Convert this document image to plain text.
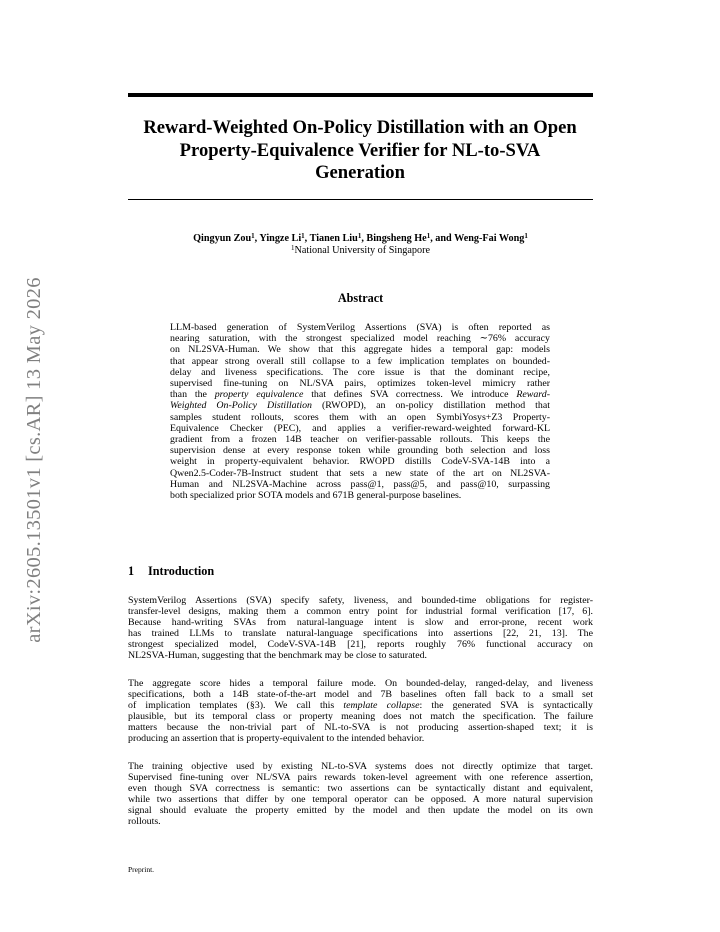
Reward-Weighted On-Policy Distillation with an Open
Property-Equivalence Verifier for NL-to-SVA
Generation
Qingyun Zou$^1$, Yingze Li$^1$, Tianen Liu$^1$, Bingsheng He$^1$, and Weng-Fai Wong$^1$
$^1$National University of Singapore
Abstract
LLM-based generation of SystemVerilog Assertions (SVA) is often reported as
nearing saturation, with the strongest specialized model reaching ∼76% accuracy
on NL2SVA-Human. We show that this aggregate hides a temporal gap: models
that appear strong overall still collapse to a few implication templates on bounded-
delay and liveness specifications. The core issue is that the dominant recipe,
supervised fine-tuning on NL/SVA pairs, optimizes token-level mimicry rather
than the property equivalence that defines SVA correctness. We introduce Reward-
Weighted On-Policy Distillation (RWOPD), an on-policy distillation method that
samples student rollouts, scores them with an open SymbiYosys+Z3 Property-
Equivalence Checker (PEC), and applies a verifier-reward-weighted forward-KL
gradient from a frozen 14B teacher on verifier-passable rollouts. This keeps the
supervision dense at every response token while grounding both selection and loss
weight in property-equivalent behavior. RWOPD distills CodeV-SVA-14B into a
Qwen2.5-Coder-7B-Instruct student that sets a new state of the art on NL2SVA-
Human and NL2SVA-Machine across pass@1, pass@5, and pass@10, surpassing
both specialized prior SOTA models and 671B general-purpose baselines.
1 Introduction
SystemVerilog Assertions (SVA) specify safety, liveness, and bounded-time obligations for register-
transfer-level designs, making them a common entry point for industrial formal verification [17, 6].
Because hand-writing SVAs from natural-language intent is slow and error-prone, recent work
has trained LLMs to translate natural-language specifications into assertions [22, 21, 13]. The
strongest specialized model, CodeV-SVA-14B [21], reports roughly 76% functional accuracy on
NL2SVA-Human, suggesting that the benchmark may be close to saturated.
The aggregate score hides a temporal failure mode. On bounded-delay, ranged-delay, and liveness
specifications, both a 14B state-of-the-art model and 7B baselines often fall back to a small set
of implication templates (§3). We call this template collapse: the generated SVA is syntactically
plausible, but its temporal class or property meaning does not match the specification. The failure
matters because the non-trivial part of NL-to-SVA is not producing assertion-shaped text; it is
producing an assertion that is property-equivalent to the intended behavior.
The training objective used by existing NL-to-SVA systems does not directly optimize that target.
Supervised fine-tuning over NL/SVA pairs rewards token-level agreement with one reference assertion,
even though SVA correctness is semantic: two assertions can be syntactically distant and equivalent,
while two assertions that differ by one temporal operator can be opposed. A more natural supervision
signal should evaluate the property emitted by the model and then update the model on its own
rollouts.
Preprint.
arXiv:2605.13501v1 [cs.AR] 13 May 2026
